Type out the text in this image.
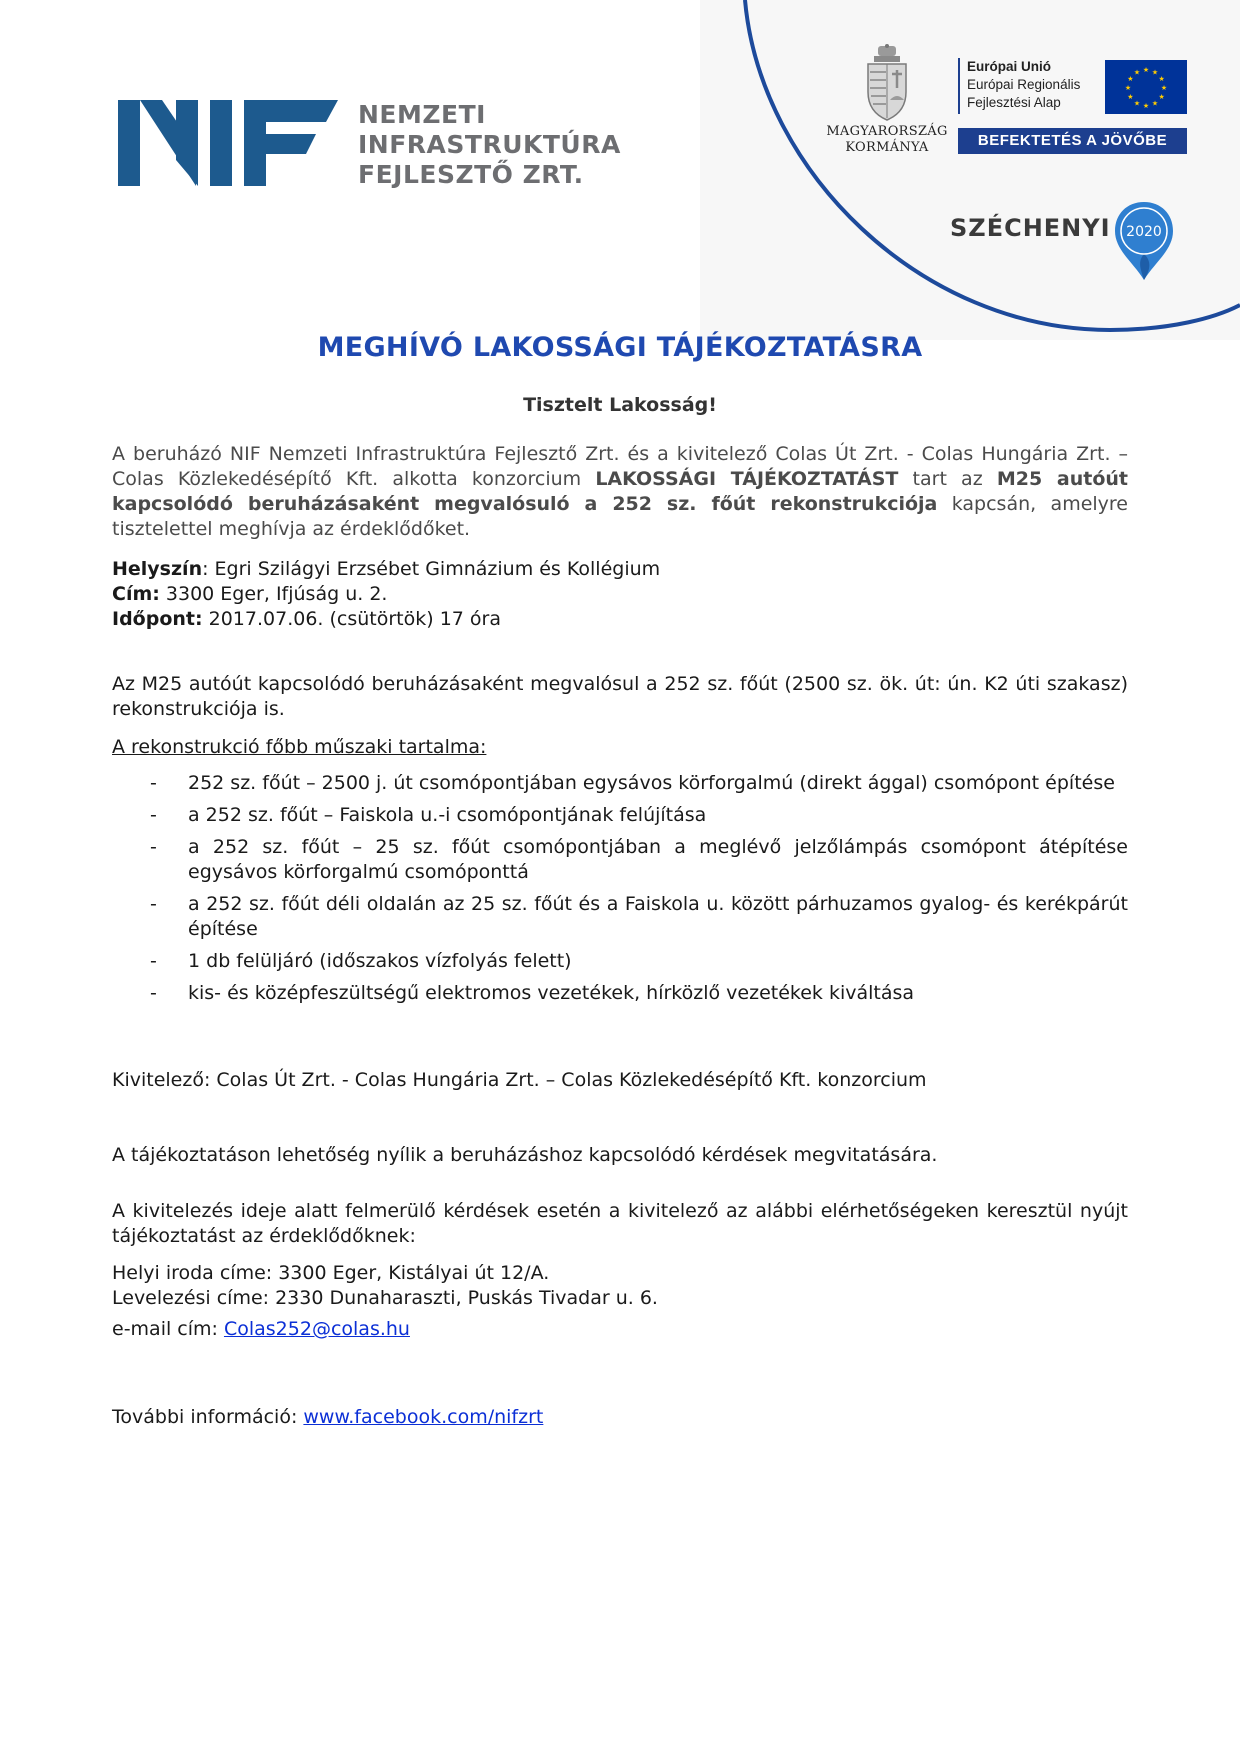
NEMZETI
INFRASTRUKTÚRA
FEJLESZTŐ ZRT.
MAGYARORSZÁG
KORMÁNYA
Európai Unió
Európai Regionális
Fejlesztési Alap
★ ★
★
★
★
★
★
★
★
★
★
★
BEFEKTETÉS A JÖVŐBE
SZÉCHENYI 2020
MEGHÍVÓ LAKOSSÁGI TÁJÉKOZTATÁSRA
Tisztelt Lakosság!

A beruházó NIF Nemzeti Infrastruktúra Fejlesztő Zrt. és a kivitelező Colas Út Zrt. - Colas Hungária Zrt. – Colas Közlekedésépítő Kft. alkotta konzorcium LAKOSSÁGI TÁJÉKOZTATÁST tart az M25 autóút kapcsolódó beruházásaként megvalósuló a 252 sz. főút rekonstrukciója kapcsán, amelyre tisztelettel meghívja az érdeklődőket.

Helyszín: Egri Szilágyi Erzsébet Gimnázium és Kollégium

Cím: 3300 Eger, Ifjúság u. 2.

Időpont: 2017.07.06. (csütörtök) 17 óra

Az M25 autóút kapcsolódó beruházásaként megvalósul a 252 sz. főút (2500 sz. ök. út: ún. K2 úti szakasz) rekonstrukciója is.
A rekonstrukció főbb műszaki tartalma:
- 252 sz. főút – 2500 j. út csomópontjában egysávos körforgalmú (direkt ággal) csomópont építése
- a 252 sz. főút – Faiskola u.-i csomópontjának felújítása
- a 252 sz. főút – 25 sz. főút csomópontjában a meglévő jelzőlámpás csomópont átépítése egysávos körforgalmú csomóponttá
- a 252 sz. főút déli oldalán az 25 sz. főút és a Faiskola u. között párhuzamos gyalog- és kerékpárút építése
- 1 db felüljáró (időszakos vízfolyás felett)
- kis- és középfeszültségű elektromos vezetékek, hírközlő vezetékek kiváltása
Kivitelező: Colas Út Zrt. - Colas Hungária Zrt. – Colas Közlekedésépítő Kft. konzorcium
A tájékoztatáson lehetőség nyílik a beruházáshoz kapcsolódó kérdések megvitatására.
A kivitelezés ideje alatt felmerülő kérdések esetén a kivitelező az alábbi elérhetőségeken keresztül nyújt tájékoztatást az érdeklődőknek:

Helyi iroda címe: 3300 Eger, Kistályai út 12/A.

Levelezési címe: 2330 Dunaharaszti, Puskás Tivadar u. 6.

e-mail cím: Colas252@colas.hu

További információ: www.facebook.com/nifzrt
